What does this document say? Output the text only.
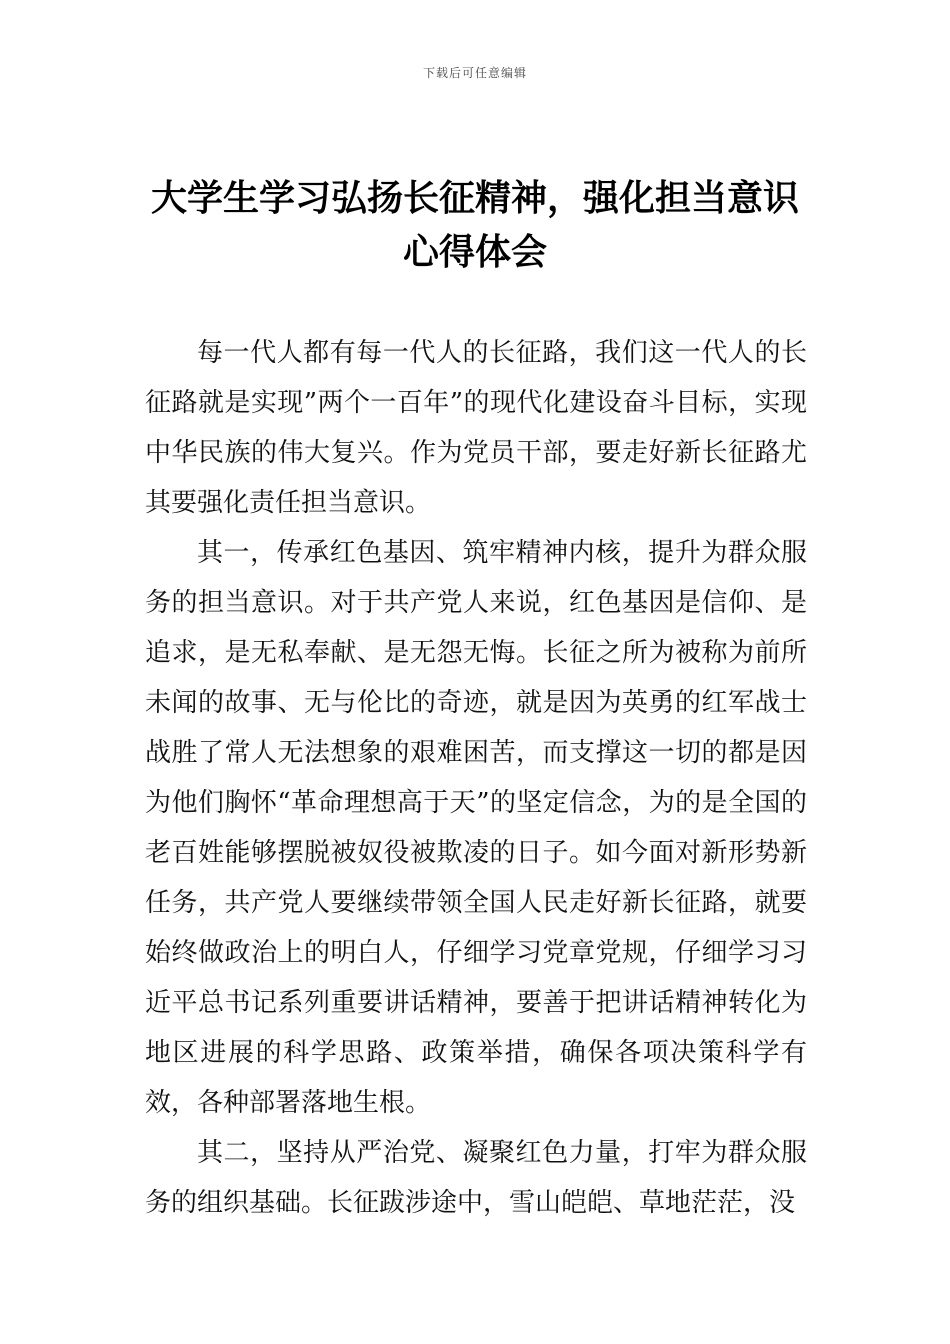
下载后可任意编辑
大学生学习弘扬长征精神，强化担当意识
心得体会

每一代人都有每一代人的长征路，我们这一代人的长征路就是实现”两个一百年”的现代化建设奋斗目标，实现中华民族的伟大复兴。作为党员干部，要走好新长征路尤其要强化责任担当意识。

其一，传承红色基因、筑牢精神内核，提升为群众服务的担当意识。对于共产党人来说，红色基因是信仰、是追求，是无私奉献、是无怨无悔。长征之所为被称为前所未闻的故事、无与伦比的奇迹，就是因为英勇的红军战士战胜了常人无法想象的艰难困苦，而支撑这一切的都是因为他们胸怀“革命理想高于天”的坚定信念，为的是全国的老百姓能够摆脱被奴役被欺凌的日子。如今面对新形势新任务，共产党人要继续带领全国人民走好新长征路，就要始终做政治上的明白人，仔细学习党章党规，仔细学习习近平总书记系列重要讲话精神，要善于把讲话精神转化为地区进展的科学思路、政策举措，确保各项决策科学有效，各种部署落地生根。

其二，坚持从严治党、凝聚红色力量，打牢为群众服务的组织基础。长征跋涉途中，雪山皑皑、草地茫茫，没
